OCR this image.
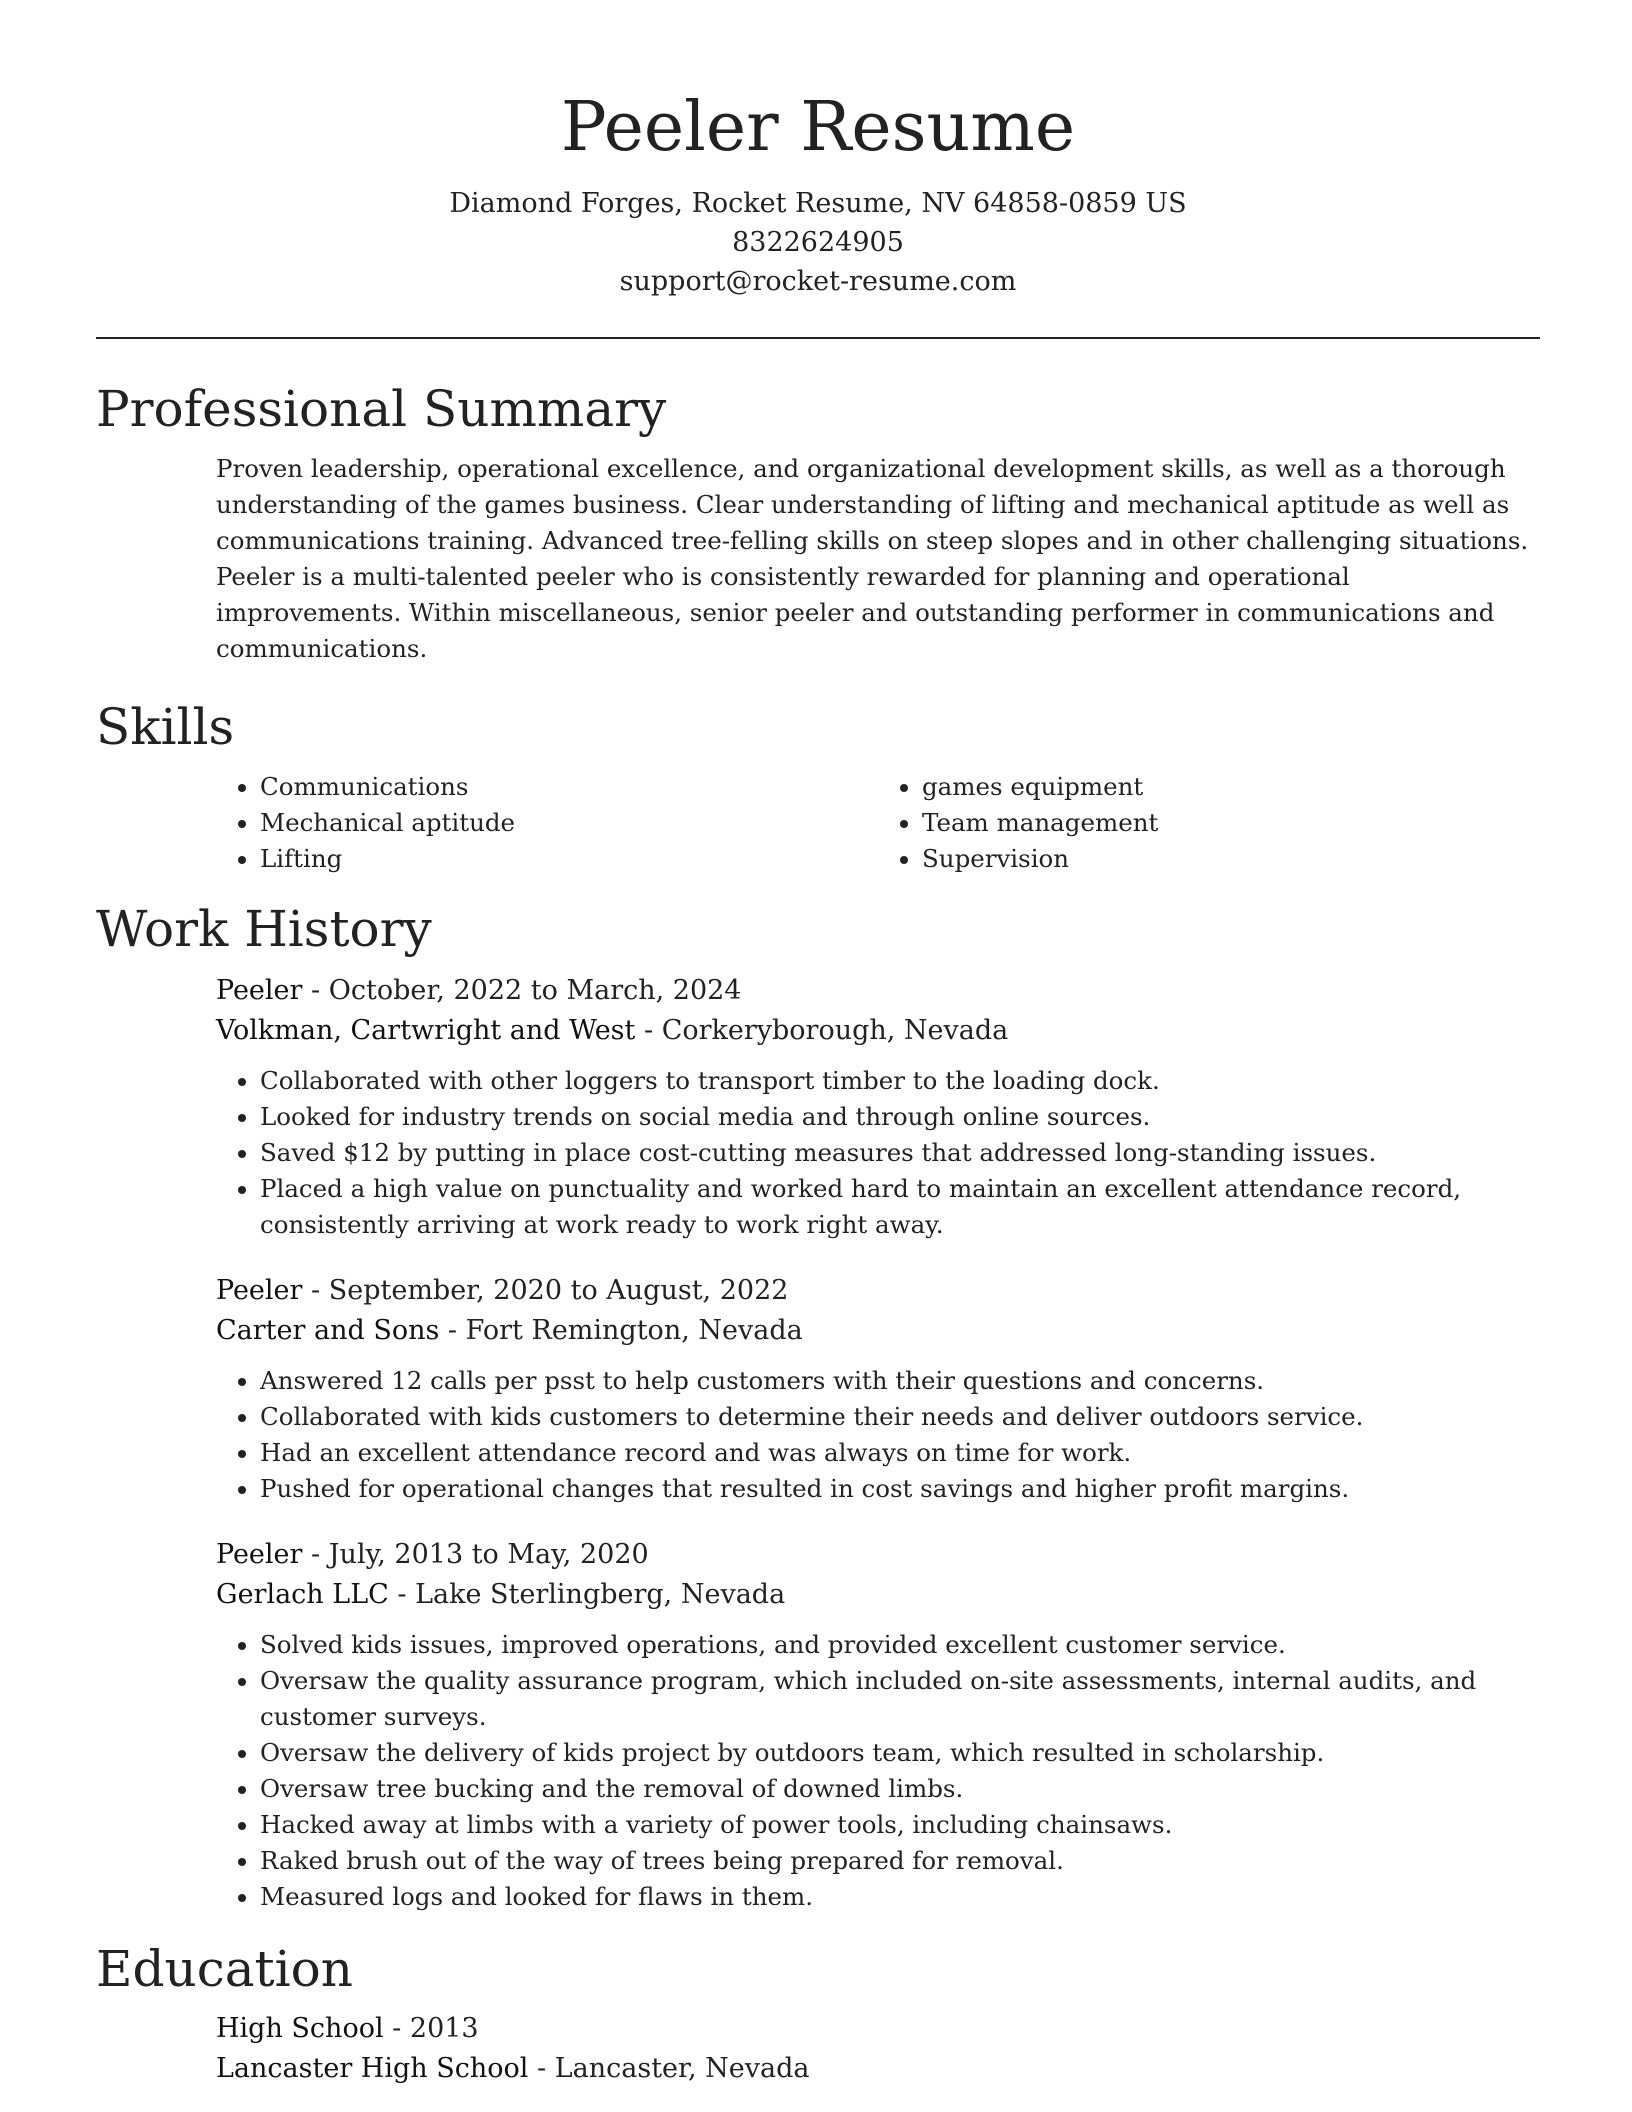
Peeler Resume

Diamond Forges, Rocket Resume, NV 64858-0859 US

8322624905

support@rocket-resume.com

Professional Summary

Proven leadership, operational excellence, and organizational development skills, as well as a thorough understanding of the games business. Clear understanding of lifting and mechanical aptitude as well as communications training. Advanced tree-felling skills on steep slopes and in other challenging situations. Peeler is a multi-talented peeler who is consistently rewarded for planning and operational improvements. Within miscellaneous, senior peeler and outstanding performer in communications and communications.

Skills
• Communications
• Mechanical aptitude
• Lifting
• games equipment
• Team management
• Supervision
Work History

Peeler - October, 2022 to March, 2024

Volkman, Cartwright and West - Corkeryborough, Nevada

• Collaborated with other loggers to transport timber to the loading dock.
• Looked for industry trends on social media and through online sources.
• Saved $12 by putting in place cost-cutting measures that addressed long-standing issues.
• Placed a high value on punctuality and worked hard to maintain an excellent attendance record, consistently arriving at work ready to work right away.

Peeler - September, 2020 to August, 2022

Carter and Sons - Fort Remington, Nevada

• Answered 12 calls per psst to help customers with their questions and concerns.
• Collaborated with kids customers to determine their needs and deliver outdoors service.
• Had an excellent attendance record and was always on time for work.
• Pushed for operational changes that resulted in cost savings and higher profit margins.

Peeler - July, 2013 to May, 2020

Gerlach LLC - Lake Sterlingberg, Nevada

• Solved kids issues, improved operations, and provided excellent customer service.
• Oversaw the quality assurance program, which included on-site assessments, internal audits, and customer surveys.
• Oversaw the delivery of kids project by outdoors team, which resulted in scholarship.
• Oversaw tree bucking and the removal of downed limbs.
• Hacked away at limbs with a variety of power tools, including chainsaws.
• Raked brush out of the way of trees being prepared for removal.
• Measured logs and looked for flaws in them.
Education

High School - 2013

Lancaster High School - Lancaster, Nevada
